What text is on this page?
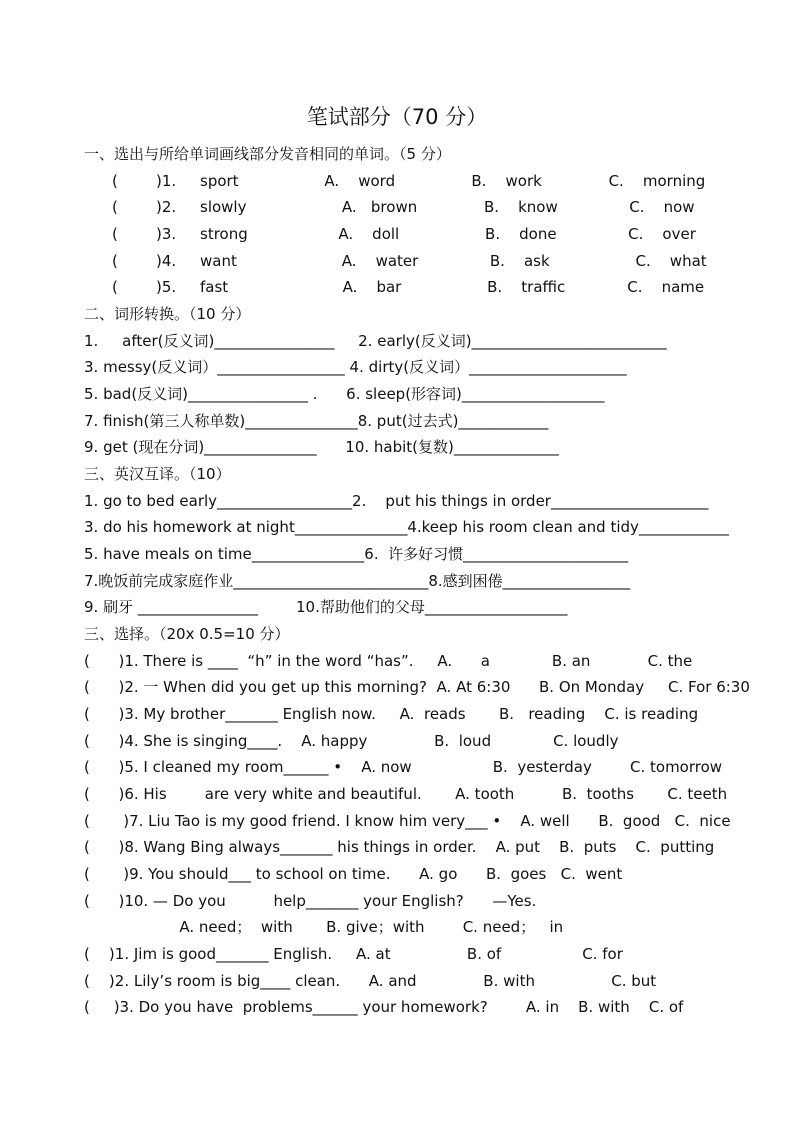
笔试部分（70 分）
一、选出与所给单词画线部分发音相同的单词。（5 分）
(        )1.     sport                  A.    word                B.    work              C.    morning
(        )2.     slowly                    A.   brown              B.    know               C.    now
(        )3.     strong                   A.    doll                  B.    done               C.    over
(        )4.     want                      A.    water               B.    ask                  C.    what
(        )5.     fast                        A.    bar                  B.    traffic             C.    name
二、词形转换。（10 分）
1.     after(反义词)________________     2. early(反义词)__________________________
3. messy(反义词）_________________ 4. dirty(反义词）_____________________
5. bad(反义词)________________ .      6. sleep(形容词)___________________
7. finish(第三人称单数)_______________8. put(过去式)____________
9. get (现在分词)_______________      10. habit(复数)______________
三、英汉互译。（10）
1. go to bed early__________________2.    put his things in order_____________________
3. do his homework at night_______________4.keep his room clean and tidy____________
5. have meals on time_______________6.  许多好习惯______________________
7.晚饭前完成家庭作业__________________________8.感到困倦_________________
9. 刷牙 ________________        10.帮助他们的父母___________________
三、选择。（20x 0.5=10 分）
(      )1. There is ____  “h” in the word “has”.     A.      a             B. an            C. the
(      )2. 一 When did you get up this morning?  A. At 6:30      B. On Monday     C. For 6:30
(      )3. My brother_______ English now.     A.  reads       B.   reading    C. is reading
(      )4. She is singing____.    A. happy              B.  loud             C. loudly
(      )5. I cleaned my room______ •    A. now                 B.  yesterday        C. tomorrow
(      )6. His        are very white and beautiful.       A. tooth          B.  tooths       C. teeth
(       )7. Liu Tao is my good friend. I know him very___ •    A. well      B.  good   C.  nice
(      )8. Wang Bing always_______ his things in order.    A. put    B.  puts    C.  putting
(       )9. You should___ to school on time.      A. go      B.  goes   C.  went
(      )10. — Do you          help_______ your English?      —Yes.
A. need；  with       B. give；with        C. need；   in
(    )1. Jim is good_______ English.     A. at                B. of                 C. for
(    )2. Lily’s room is big____ clean.      A. and              B. with                C. but
(     )3. Do you have  problems______ your homework?        A. in    B. with    C. of
